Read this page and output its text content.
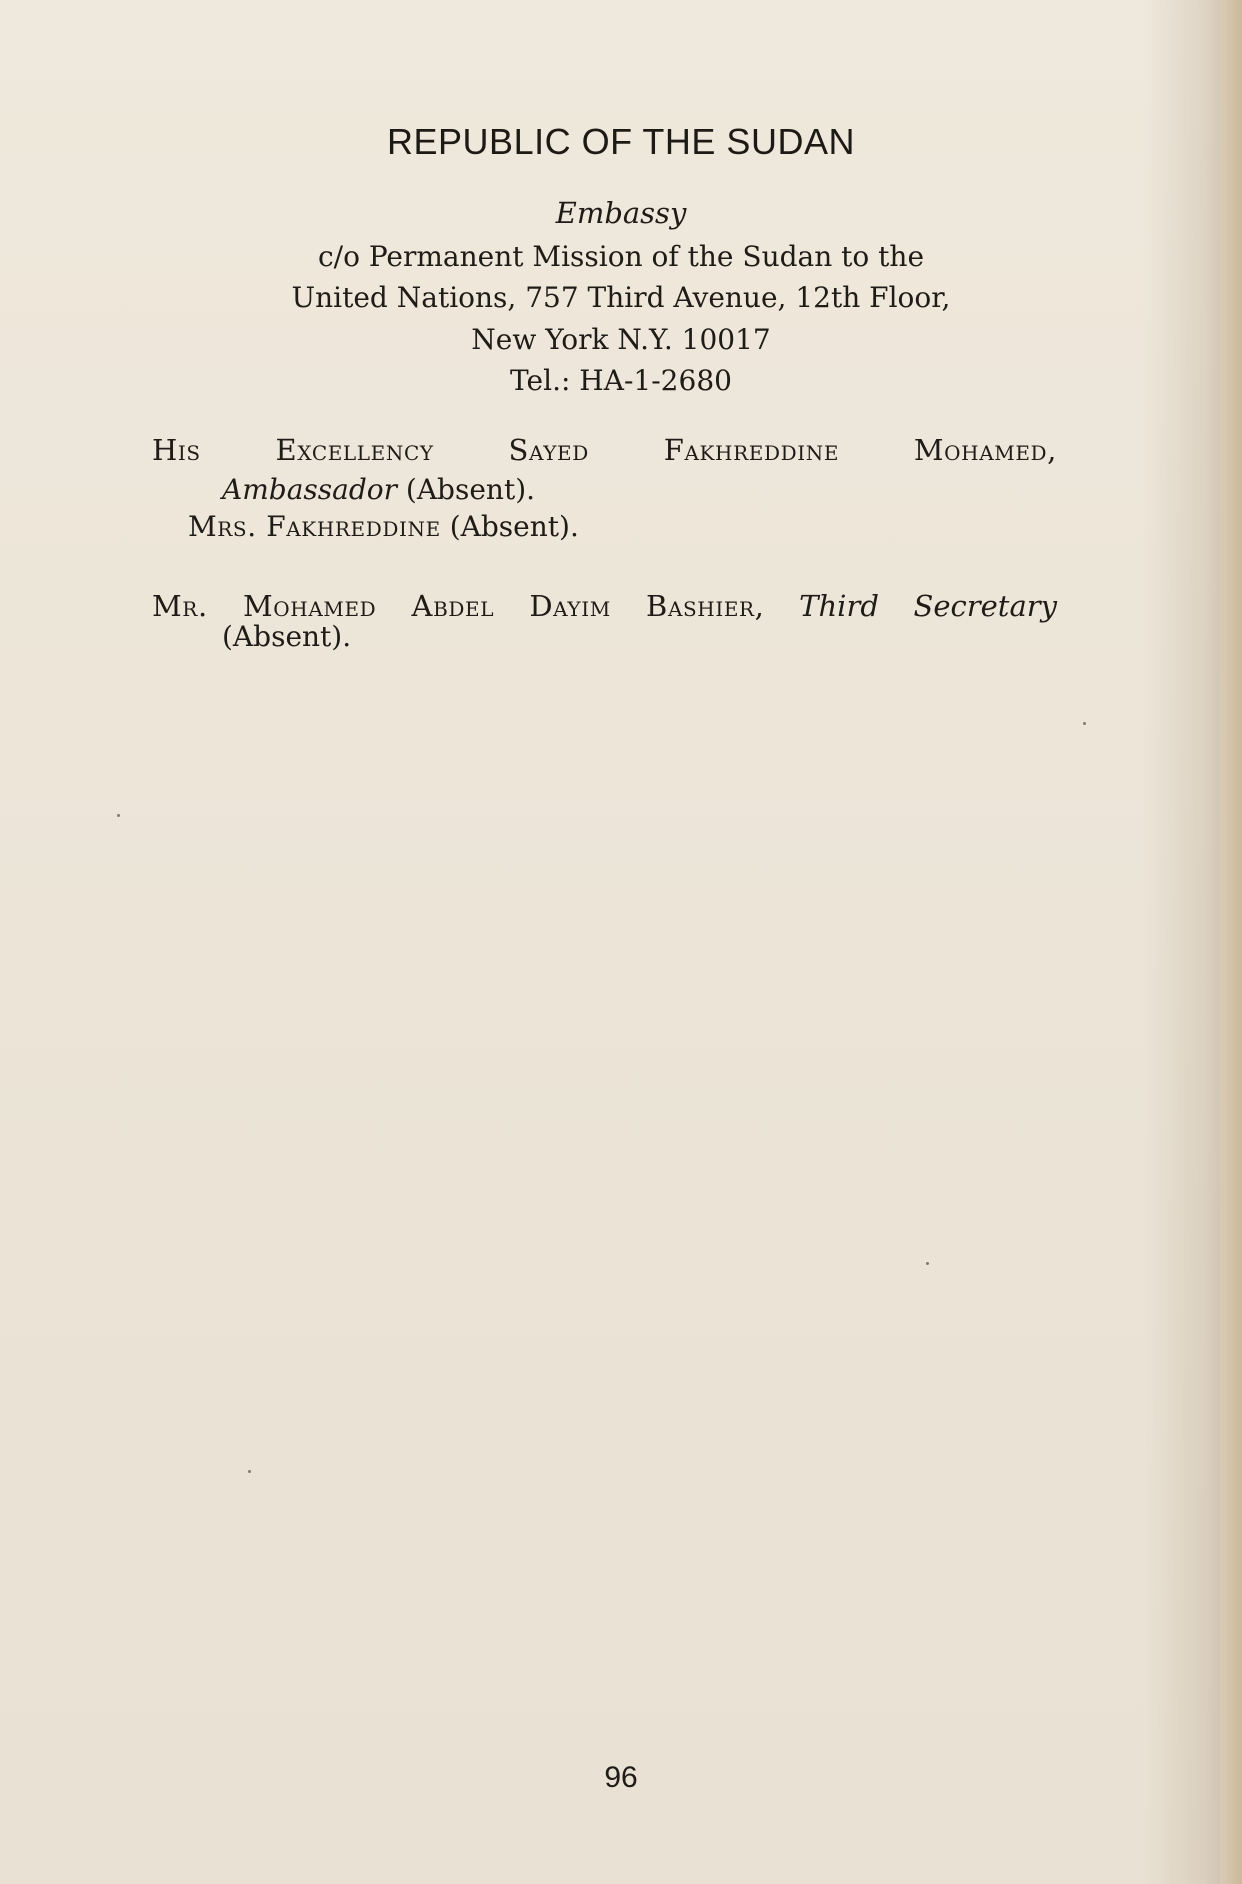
REPUBLIC OF THE SUDAN
Embassy
c/o Permanent Mission of the Sudan to the
United Nations, 757 Third Avenue, 12th Floor,
New York N.Y. 10017
Tel.: HA-1-2680
His Excellency Sayed Fakhreddine Mohamed,
Ambassador (Absent).
Mrs. Fakhreddine (Absent).
Mr. Mohamed Abdel Dayim Bashier, Third Secretary
(Absent).
96
